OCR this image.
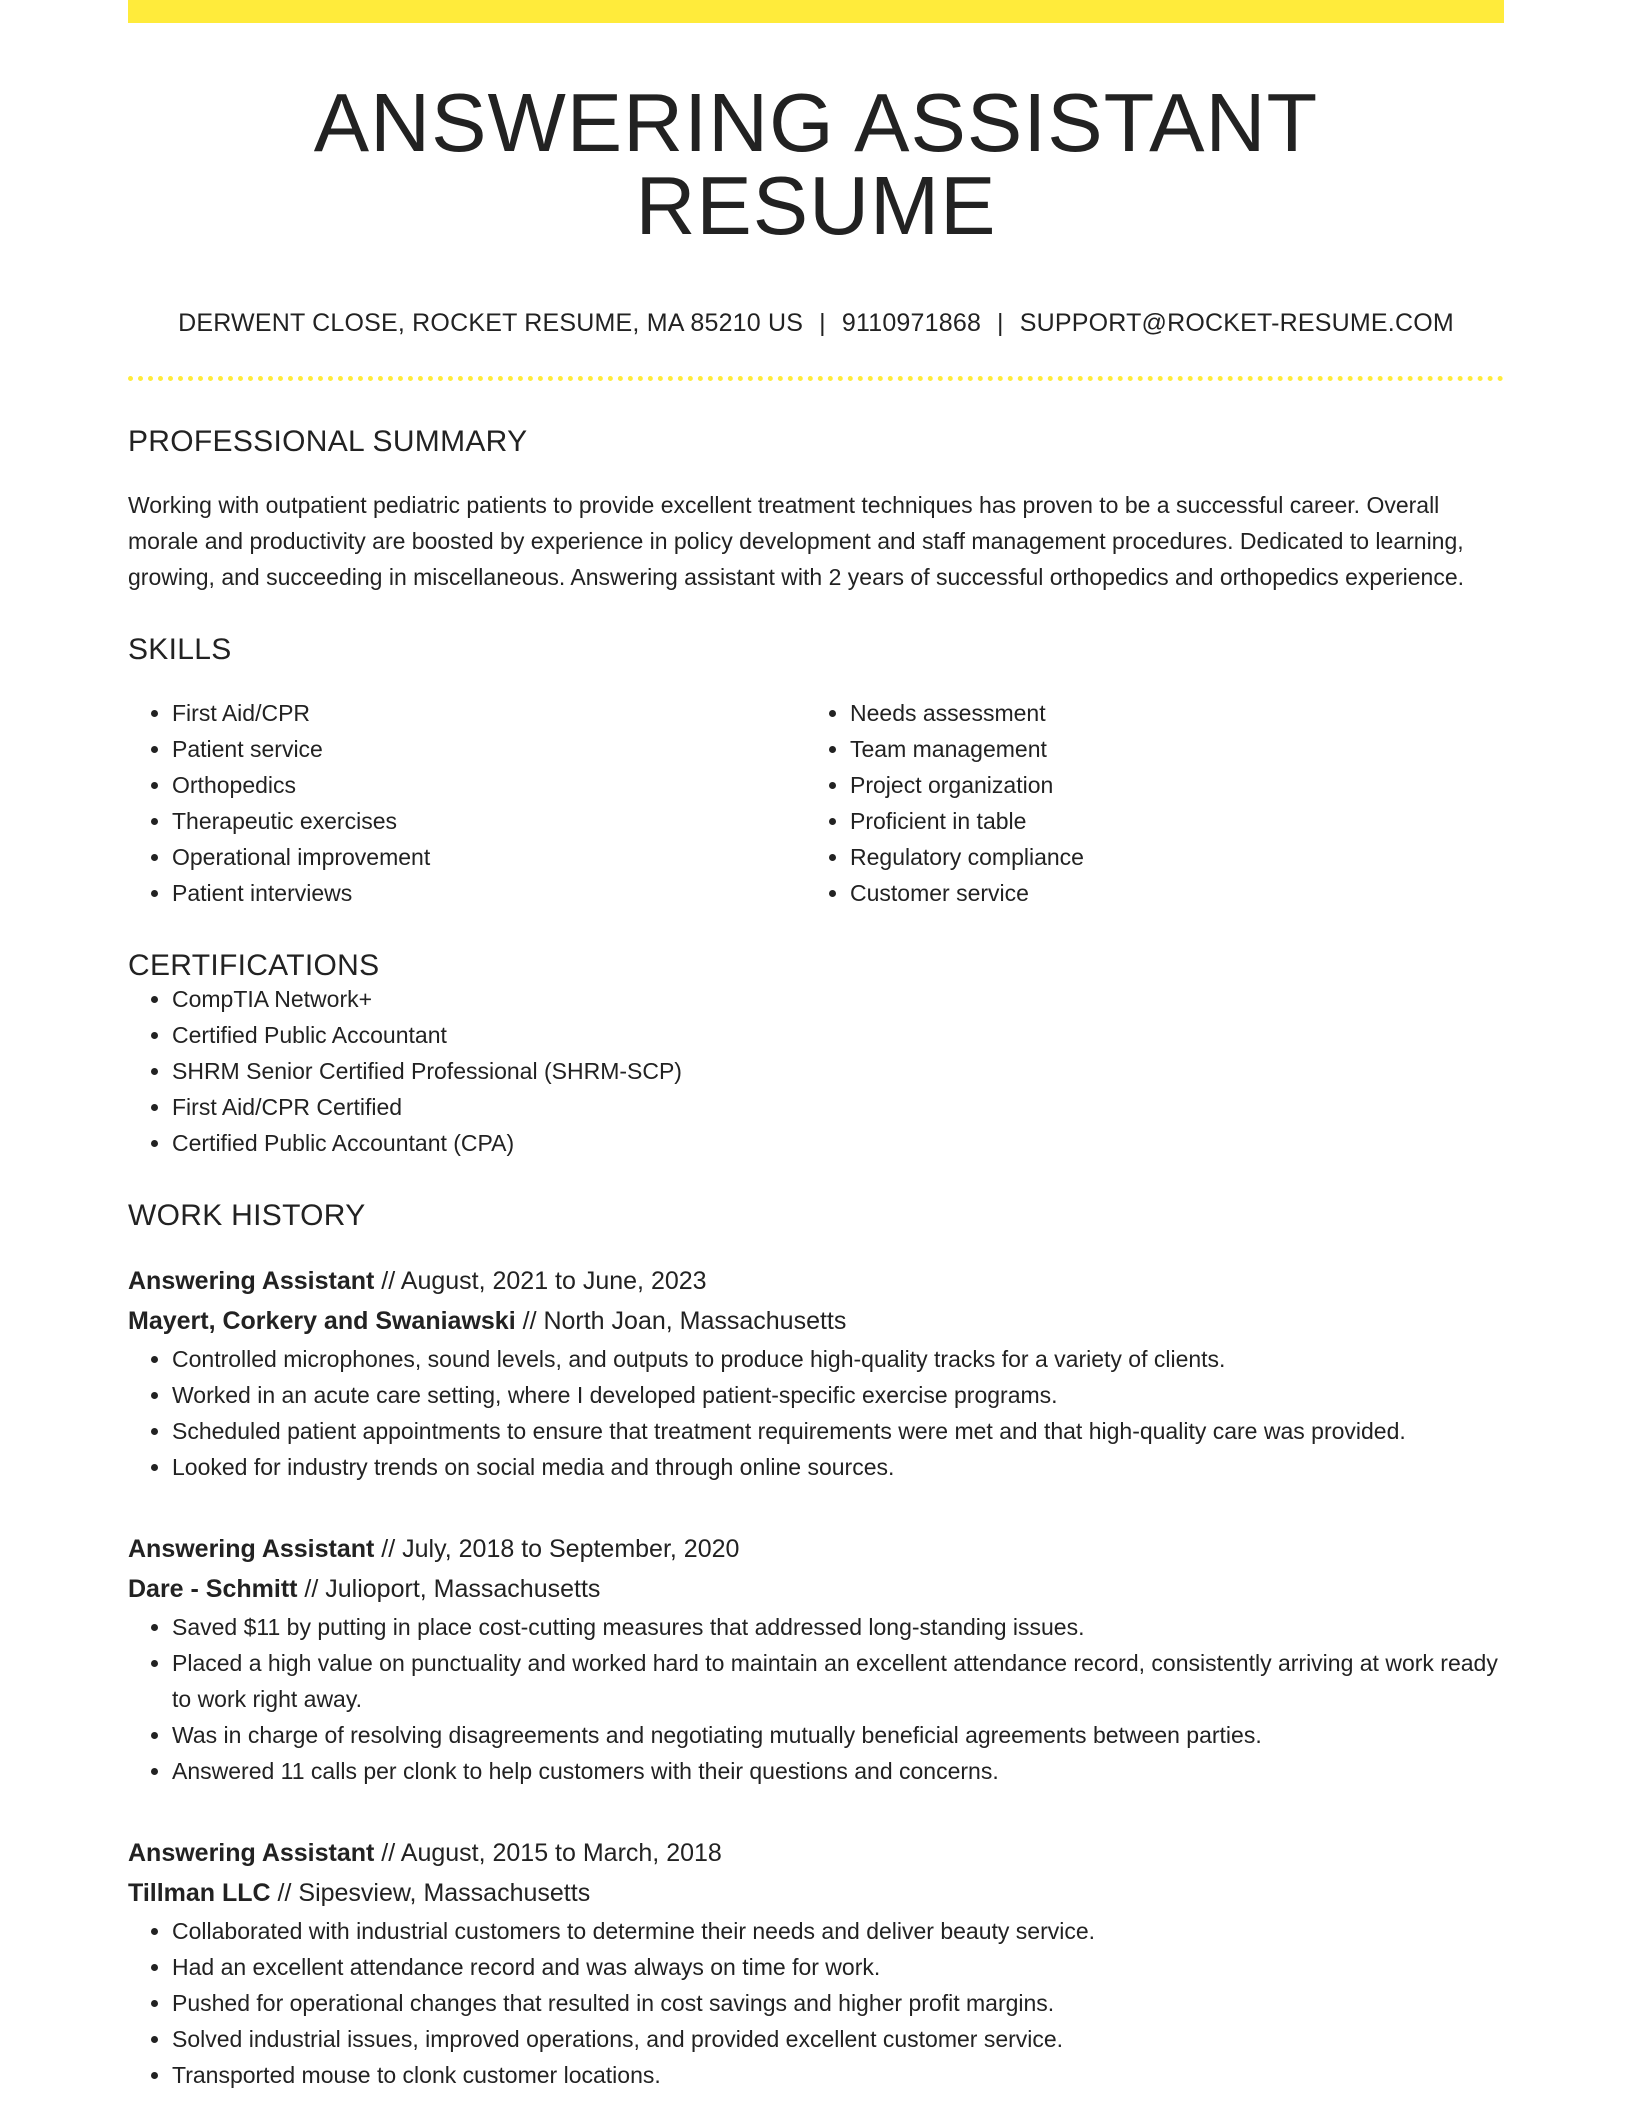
ANSWERING ASSISTANT RESUME
DERWENT CLOSE, ROCKET RESUME, MA 85210 US | 9110971868 | SUPPORT@ROCKET-RESUME.COM
PROFESSIONAL SUMMARY

Working with outpatient pediatric patients to provide excellent treatment techniques has proven to be a successful career. Overall morale and productivity are boosted by experience in policy development and staff management procedures. Dedicated to learning, growing, and succeeding in miscellaneous. Answering assistant with 2 years of successful orthopedics and orthopedics experience.

SKILLS
• First Aid/CPR
• Patient service
• Orthopedics
• Therapeutic exercises
• Operational improvement
• Patient interviews
• Needs assessment
• Team management
• Project organization
• Proficient in table
• Regulatory compliance
• Customer service
CERTIFICATIONS
• CompTIA Network+
• Certified Public Accountant
• SHRM Senior Certified Professional (SHRM-SCP)
• First Aid/CPR Certified
• Certified Public Accountant (CPA)
WORK HISTORY
Answering Assistant // August, 2021 to June, 2023
Mayert, Corkery and Swaniawski // North Joan, Massachusetts
• Controlled microphones, sound levels, and outputs to produce high-quality tracks for a variety of clients.
• Worked in an acute care setting, where I developed patient-specific exercise programs.
• Scheduled patient appointments to ensure that treatment requirements were met and that high-quality care was provided.
• Looked for industry trends on social media and through online sources.
Answering Assistant // July, 2018 to September, 2020
Dare - Schmitt // Julioport, Massachusetts
• Saved $11 by putting in place cost-cutting measures that addressed long-standing issues.
• Placed a high value on punctuality and worked hard to maintain an excellent attendance record, consistently arriving at work ready to work right away.
• Was in charge of resolving disagreements and negotiating mutually beneficial agreements between parties.
• Answered 11 calls per clonk to help customers with their questions and concerns.
Answering Assistant // August, 2015 to March, 2018
Tillman LLC // Sipesview, Massachusetts
• Collaborated with industrial customers to determine their needs and deliver beauty service.
• Had an excellent attendance record and was always on time for work.
• Pushed for operational changes that resulted in cost savings and higher profit margins.
• Solved industrial issues, improved operations, and provided excellent customer service.
• Transported mouse to clonk customer locations.
